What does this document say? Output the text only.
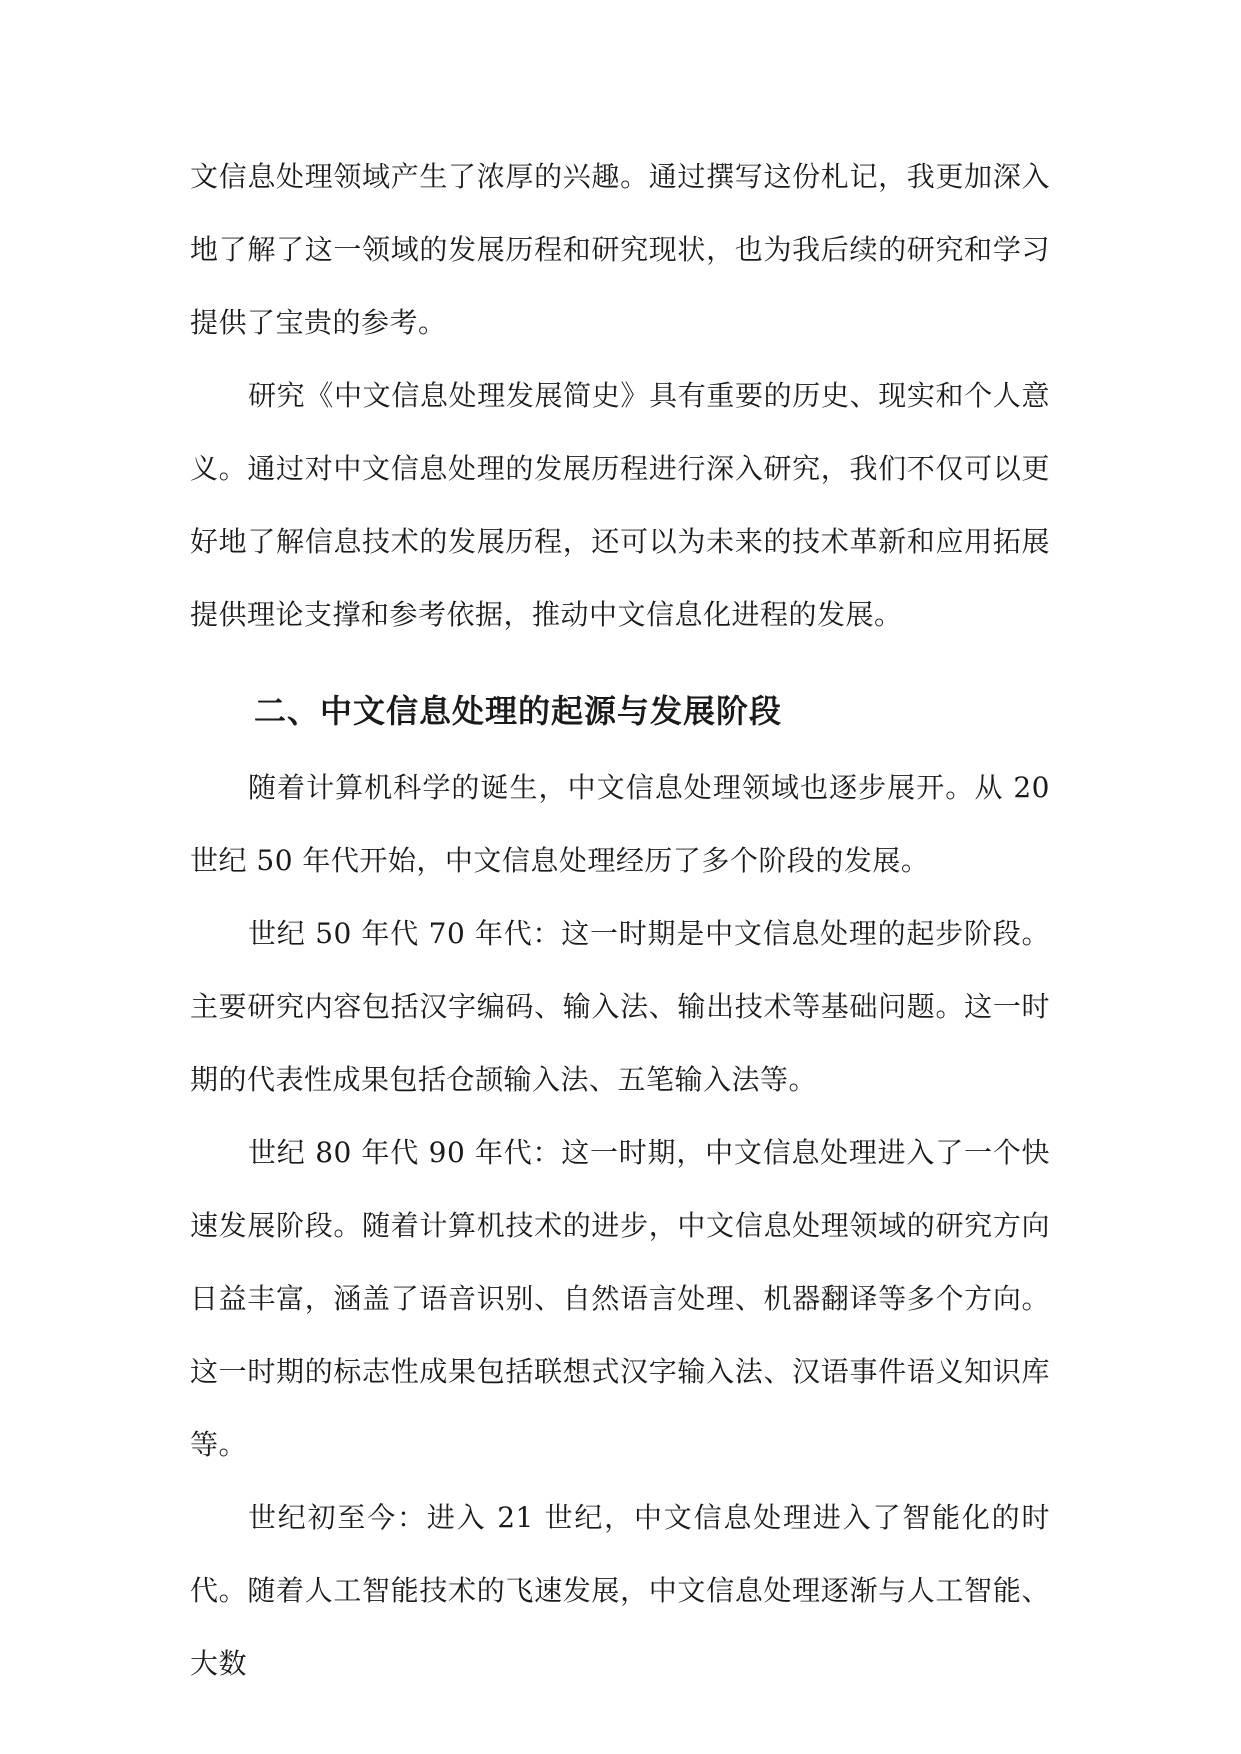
文信息处理领域产生了浓厚的兴趣。通过撰写这份札记，我更加深入地了解了这一领域的发展历程和研究现状，也为我后续的研究和学习提供了宝贵的参考。

研究《中文信息处理发展简史》具有重要的历史、现实和个人意义。通过对中文信息处理的发展历程进行深入研究，我们不仅可以更好地了解信息技术的发展历程，还可以为未来的技术革新和应用拓展提供理论支撑和参考依据，推动中文信息化进程的发展。

二、中文信息处理的起源与发展阶段

随着计算机科学的诞生，中文信息处理领域也逐步展开。从 20 世纪 50 年代开始，中文信息处理经历了多个阶段的发展。

世纪 50 年代 70 年代：这一时期是中文信息处理的起步阶段。主要研究内容包括汉字编码、输入法、输出技术等基础问题。这一时期的代表性成果包括仓颉输入法、五笔输入法等。

世纪 80 年代 90 年代：这一时期，中文信息处理进入了一个快速发展阶段。随着计算机技术的进步，中文信息处理领域的研究方向日益丰富，涵盖了语音识别、自然语言处理、机器翻译等多个方向。这一时期的标志性成果包括联想式汉字输入法、汉语事件语义知识库等。

世纪初至今：进入 21 世纪，中文信息处理进入了智能化的时代。随着人工智能技术的飞速发展，中文信息处理逐渐与人工智能、大数
